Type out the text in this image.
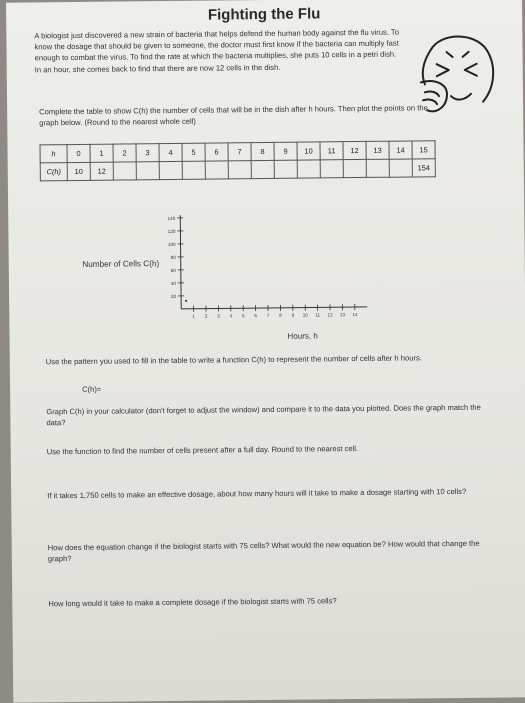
Fighting the Flu
A biologist just discovered a new strain of bacteria that helps defend the human body against the flu virus. To know the dosage that should be given to someone, the doctor must first know if the bacteria can multiply fast enough to combat the virus. To find the rate at which the bacteria multiplies, she puts 10 cells in a petri dish. In an hour, she comes back to find that there are now 12 cells in the dish.
Complete the table to show C(h) the number of cells that will be in the dish after h hours. Then plot the points on the graph below. (Round to the nearest whole cell)
h	0	1	2	3	4	5	6	7	8	9	10	11	12	13	14	15
C(h)	10	12														154
Number of Cells C(h)
20
40
60
80
100
120
140
1 2 3 4 5 6 7 8 9 10 11 12 13 14
Hours, h
Use the pattern you used to fill in the table to write a function C(h) to represent the number of cells after h hours.
C(h)=
Graph C(h) in your calculator (don't forget to adjust the window) and compare it to the data you plotted. Does the graph match the data?
Use the function to find the number of cells present after a full day. Round to the nearest cell.
If it takes 1,750 cells to make an effective dosage, about how many hours will it take to make a dosage starting with 10 cells?
How does the equation change if the biologist starts with 75 cells? What would the new equation be? How would that change the graph?
How long would it take to make a complete dosage if the biologist starts with 75 cells?
